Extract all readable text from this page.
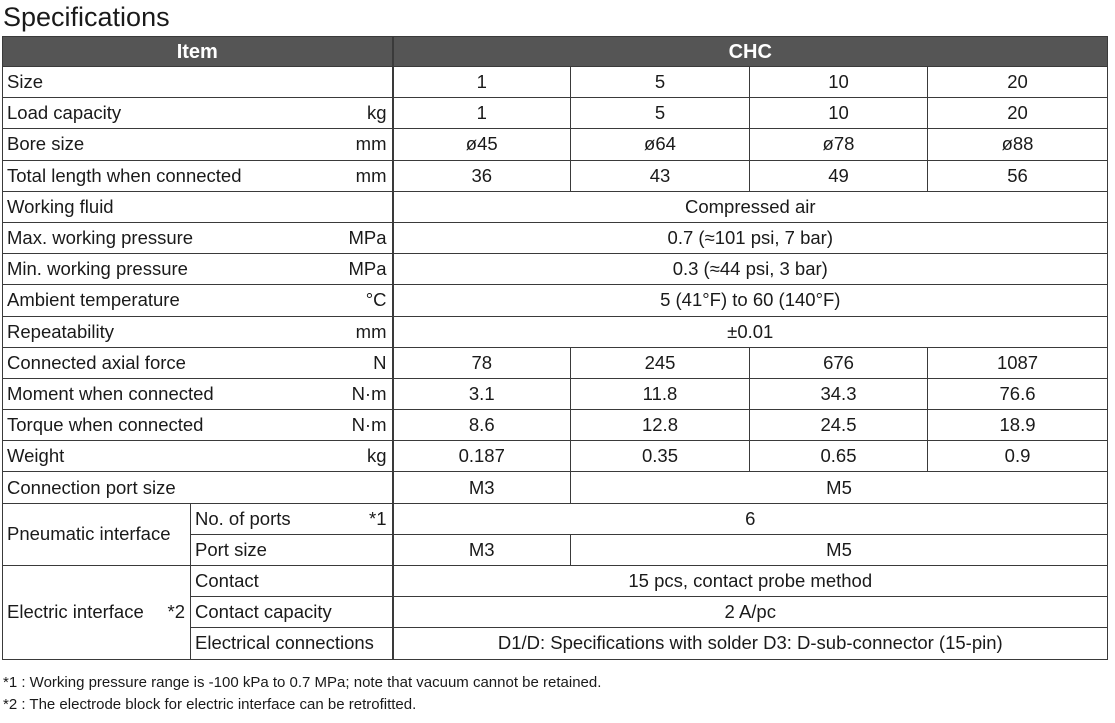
Specifications
Item		CHC			
Size		1	5	10	20
Load capacity kg		1	5	10	20
Bore size mm		ø45	ø64	ø78	ø88
Total length when connected mm		36	43	49	56
Working fluid		Compressed air			
Max. working pressure MPa		0.7 (≈101 psi, 7 bar)			
Min. working pressure MPa		0.3 (≈44 psi, 3 bar)			
Ambient temperature °C		5 (41°F) to 60 (140°F)			
Repeatability mm		±0.01			
Connected axial force N		78	245	676	1087
Moment when connected N·m		3.1	11.8	34.3	76.6
Torque when connected N·m		8.6	12.8	24.5	18.9
Weight kg		0.187	0.35	0.65	0.9
Connection port size		M3	M5		
Pneumatic interface	No. of ports *1	6			
	Port size	M3	M5		
Electric interface *2	Contact	15 pcs, contact probe method			
	Contact capacity	2 A/pc			
	Electrical connections	D1/D: Specifications with solder D3: D-sub-connector (15-pin)			
*1 : Working pressure range is -100 kPa to 0.7 MPa; note that vacuum cannot be retained.
*2 : The electrode block for electric interface can be retrofitted.
